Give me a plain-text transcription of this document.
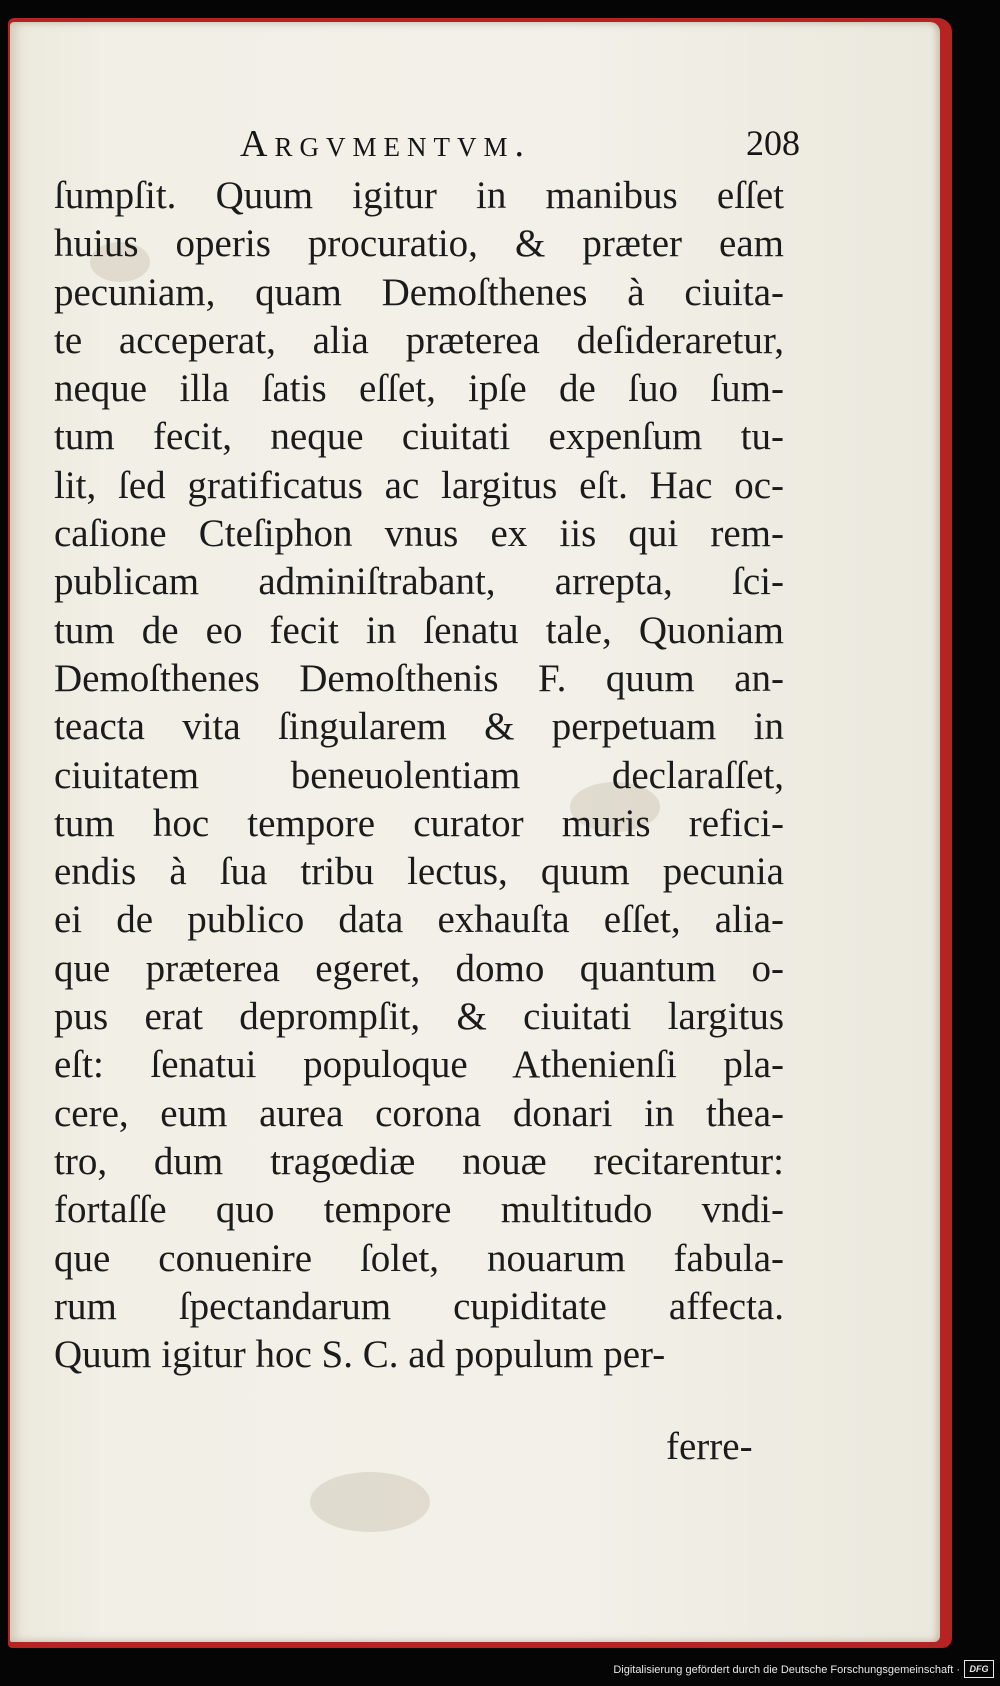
Argvmentvm.	208
ſumpſit. Quum igitur in manibus eſſet
huius operis procuratio, & præter eam
pecuniam, quam Demoſthenes à ciuita-
te acceperat, alia præterea deſideraretur,
neque illa ſatis eſſet, ipſe de ſuo ſum-
tum fecit, neque ciuitati expenſum tu-
lit, ſed gratificatus ac largitus eſt. Hac oc-
caſione Cteſiphon vnus ex iis qui rem-
publicam adminiſtrabant, arrepta, ſci-
tum de eo fecit in ſenatu tale, Quoniam
Demoſthenes Demoſthenis F. quum an-
teacta vita ſingularem & perpetuam in
ciuitatem beneuolentiam declaraſſet,
tum hoc tempore curator muris refici-
endis à ſua tribu lectus, quum pecunia
ei de publico data exhauſta eſſet, alia-
que præterea egeret, domo quantum o-
pus erat deprompſit, & ciuitati largitus
eſt: ſenatui populoque Athenienſi pla-
cere, eum aurea corona donari in thea-
tro, dum tragœdiæ nouæ recitarentur:
fortaſſe quo tempore multitudo vndi-
que conuenire ſolet, nouarum fabula-
rum ſpectandarum cupiditate affecta.
Quum igitur hoc S. C. ad populum per-
ferre-
Digitalisierung gefördert durch die Deutsche Forschungsgemeinschaft ·	DFG
